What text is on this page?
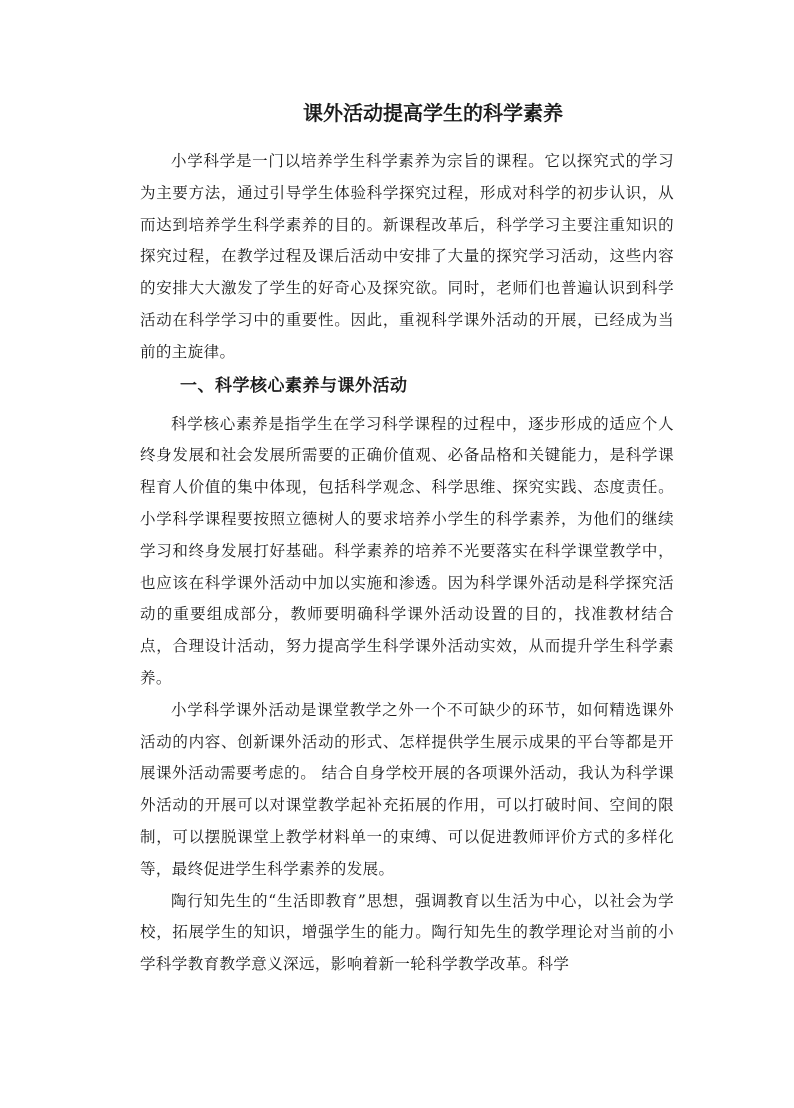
课外活动提高学生的科学素养

小学科学是一门以培养学生科学素养为宗旨的课程。它以探究式的学习为主要方法，通过引导学生体验科学探究过程，形成对科学的初步认识，从而达到培养学生科学素养的目的。新课程改革后，科学学习主要注重知识的探究过程，在教学过程及课后活动中安排了大量的探究学习活动，这些内容的安排大大激发了学生的好奇心及探究欲。同时，老师们也普遍认识到科学活动在科学学习中的重要性。因此，重视科学课外活动的开展，已经成为当前的主旋律。

一、科学核心素养与课外活动

科学核心素养是指学生在学习科学课程的过程中，逐步形成的适应个人终身发展和社会发展所需要的正确价值观、必备品格和关键能力，是科学课程育人价值的集中体现，包括科学观念、科学思维、探究实践、态度责任。小学科学课程要按照立德树人的要求培养小学生的科学素养，为他们的继续学习和终身发展打好基础。科学素养的培养不光要落实在科学课堂教学中，也应该在科学课外活动中加以实施和渗透。因为科学课外活动是科学探究活动的重要组成部分，教师要明确科学课外活动设置的目的，找准教材结合点，合理设计活动，努力提高学生科学课外活动实效，从而提升学生科学素养。

小学科学课外活动是课堂教学之外一个不可缺少的环节，如何精选课外活动的内容、创新课外活动的形式、怎样提供学生展示成果的平台等都是开展课外活动需要考虑的。 结合自身学校开展的各项课外活动，我认为科学课外活动的开展可以对课堂教学起补充拓展的作用，可以打破时间、空间的限制，可以摆脱课堂上教学材料单一的束缚、可以促进教师评价方式的多样化等，最终促进学生科学素养的发展。

陶行知先生的“生活即教育”思想，强调教育以生活为中心，以社会为学校，拓展学生的知识，增强学生的能力。陶行知先生的教学理论对当前的小学科学教育教学意义深远，影响着新一轮科学教学改革。科学
